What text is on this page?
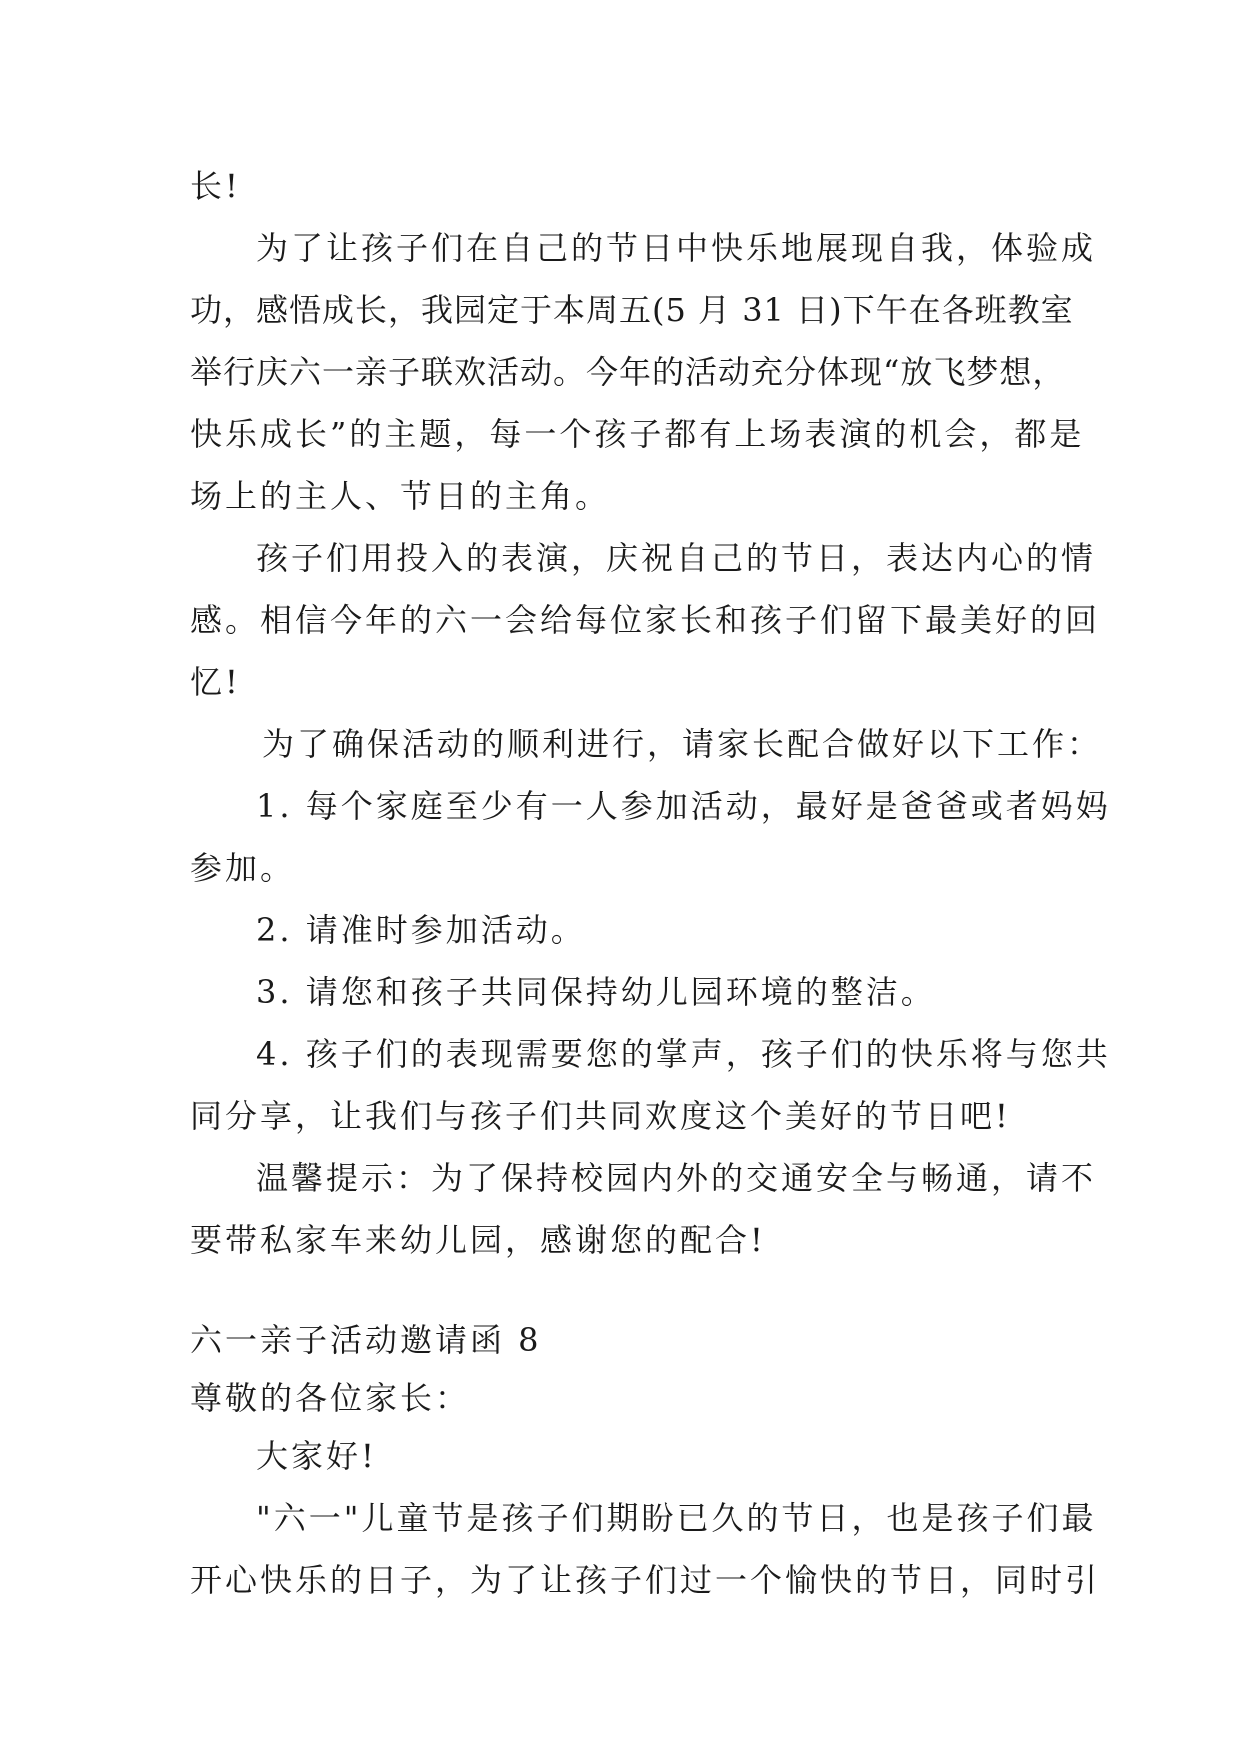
长!
为了让孩子们在自己的节日中快乐地展现自我，体验成
功，感悟成长，我园定于本周五(5 月 31 日)下午在各班教室
举行庆六一亲子联欢活动。今年的活动充分体现“放飞梦想，
快乐成长”的主题，每一个孩子都有上场表演的机会，都是
场上的主人、节日的主角。
孩子们用投入的表演，庆祝自己的节日，表达内心的情
感。相信今年的六一会给每位家长和孩子们留下最美好的回
忆!
为了确保活动的顺利进行，请家长配合做好以下工作：
1. 每个家庭至少有一人参加活动，最好是爸爸或者妈妈
参加。
2. 请准时参加活动。
3. 请您和孩子共同保持幼儿园环境的整洁。
4. 孩子们的表现需要您的掌声，孩子们的快乐将与您共
同分享，让我们与孩子们共同欢度这个美好的节日吧!
温馨提示：为了保持校园内外的交通安全与畅通，请不
要带私家车来幼儿园，感谢您的配合!
六一亲子活动邀请函 8
尊敬的各位家长：
大家好!
"六一"儿童节是孩子们期盼已久的节日，也是孩子们最
开心快乐的日子，为了让孩子们过一个愉快的节日，同时引
